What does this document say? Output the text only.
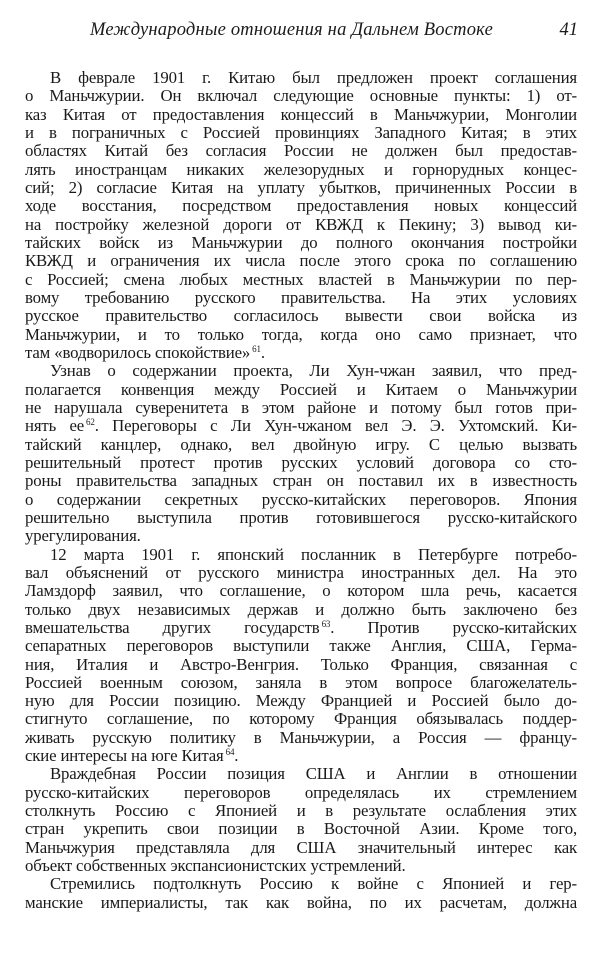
Международные отношения на Дальнем Востоке	41
В феврале 1901 г. Китаю был предложен проект соглашения
о Маньчжурии. Он включал следующие основные пункты: 1) от-
каз Китая от предоставления концессий в Маньчжурии, Монголии
и в пограничных с Россией провинциях Западного Китая; в этих
областях Китай без согласия России не должен был предостав-
лять иностранцам никаких железорудных и горнорудных концес-
сий; 2) согласие Китая на уплату убытков, причиненных России в
ходе восстания, посредством предоставления новых концессий
на постройку железной дороги от КВЖД к Пекину; 3) вывод ки-
тайских войск из Маньчжурии до полного окончания постройки
КВЖД и ограничения их числа после этого срока по соглашению
с Россией; смена любых местных властей в Маньчжурии по пер-
вому требованию русского правительства. На этих условиях
русское правительство согласилось вывести свои войска из
Маньчжурии, и то только тогда, когда оно само признает, что
там «водворилось спокойствие» $^{61}$.
Узнав о содержании проекта, Ли Хун-чжан заявил, что пред-
полагается конвенция между Россией и Китаем о Маньчжурии
не нарушала суверенитета в этом районе и потому был готов при-
нять ее $^{62}$. Переговоры с Ли Хун-чжаном вел Э. Э. Ухтомский. Ки-
тайский канцлер, однако, вел двойную игру. С целью вызвать
решительный протест против русских условий договора со сто-
роны правительства западных стран он поставил их в известность
о содержании секретных русско-китайских переговоров. Япония
решительно выступила против готовившегося русско-китайского
урегулирования.
12 марта 1901 г. японский посланник в Петербурге потребо-
вал объяснений от русского министра иностранных дел. На это
Ламздорф заявил, что соглашение, о котором шла речь, касается
только двух независимых держав и должно быть заключено без
вмешательства других государств $^{63}$. Против русско-китайских
сепаратных переговоров выступили также Англия, США, Герма-
ния, Италия и Австро-Венгрия. Только Франция, связанная с
Россией военным союзом, заняла в этом вопросе благожелатель-
ную для России позицию. Между Францией и Россией было до-
стигнуто соглашение, по которому Франция обязывалась поддер-
живать русскую политику в Маньчжурии, а Россия — францу-
ские интересы на юге Китая $^{64}$.
Враждебная России позиция США и Англии в отношении
русско-китайских переговоров определялась их стремлением
столкнуть Россию с Японией и в результате ослабления этих
стран укрепить свои позиции в Восточной Азии. Кроме того,
Маньчжурия представляла для США значительный интерес как
объект собственных экспансионистских устремлений.
Стремились подтолкнуть Россию к войне с Японией и гер-
манские империалисты, так как война, по их расчетам, должна
